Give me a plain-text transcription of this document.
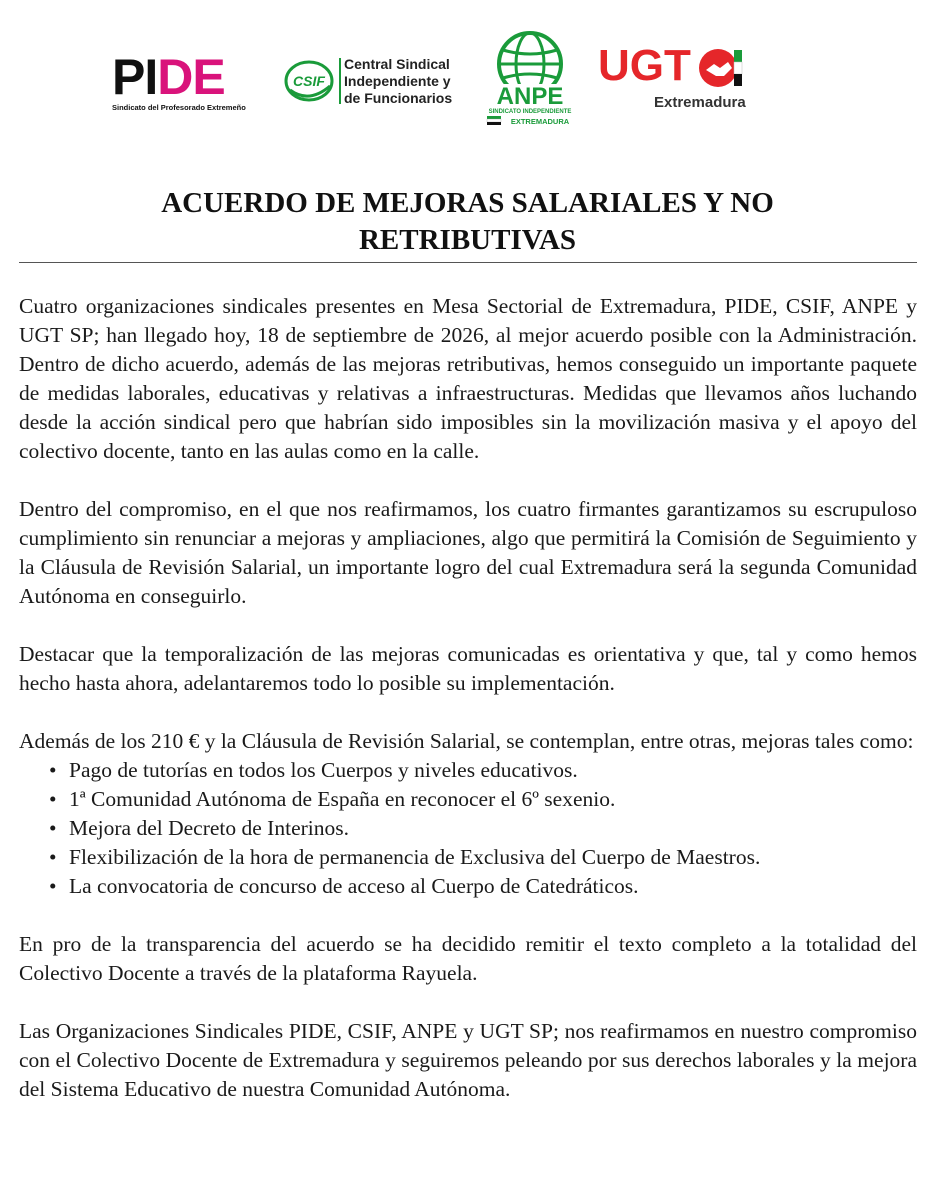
PIDE
Sindicato del Profesorado Extremeño
CSIF
Central Sindical
Independiente y
de Funcionarios ANPE
SINDICATO INDEPENDIENTE
EXTREMADURA
UGT
Extremadura
ACUERDO DE MEJORAS SALARIALES Y NO
RETRIBUTIVAS

Cuatro organizaciones sindicales presentes en Mesa Sectorial de Extremadura, PIDE, CSIF, ANPE y UGT SP; han llegado hoy, 18 de septiembre de 2026, al mejor acuerdo posible con la Administración. Dentro de dicho acuerdo, además de las mejoras retributivas, hemos conseguido un importante paquete de medidas laborales, educativas y relativas a infraestructuras. Medidas que llevamos años luchando desde la acción sindical pero que habrían sido imposibles sin la movilización masiva y el apoyo del colectivo docente, tanto en las aulas como en la calle.

Dentro del compromiso, en el que nos reafirmamos, los cuatro firmantes garantizamos su escrupuloso cumplimiento sin renunciar a mejoras y ampliaciones, algo que permitirá la Comisión de Seguimiento y la Cláusula de Revisión Salarial, un importante logro del cual Extremadura será la segunda Comunidad Autónoma en conseguirlo.

Destacar que la temporalización de las mejoras comunicadas es orientativa y que, tal y como hemos hecho hasta ahora, adelantaremos todo lo posible su implementación.

Además de los 210 € y la Cláusula de Revisión Salarial, se contemplan, entre otras, mejoras tales como:

• Pago de tutorías en todos los Cuerpos y niveles educativos.
• 1ª Comunidad Autónoma de España en reconocer el 6º sexenio.
• Mejora del Decreto de Interinos.
• Flexibilización de la hora de permanencia de Exclusiva del Cuerpo de Maestros.
• La convocatoria de concurso de acceso al Cuerpo de Catedráticos.

En pro de la transparencia del acuerdo se ha decidido remitir el texto completo a la totalidad del Colectivo Docente a través de la plataforma Rayuela.

Las Organizaciones Sindicales PIDE, CSIF, ANPE y UGT SP; nos reafirmamos en nuestro compromiso con el Colectivo Docente de Extremadura y seguiremos peleando por sus derechos laborales y la mejora del Sistema Educativo de nuestra Comunidad Autónoma.
